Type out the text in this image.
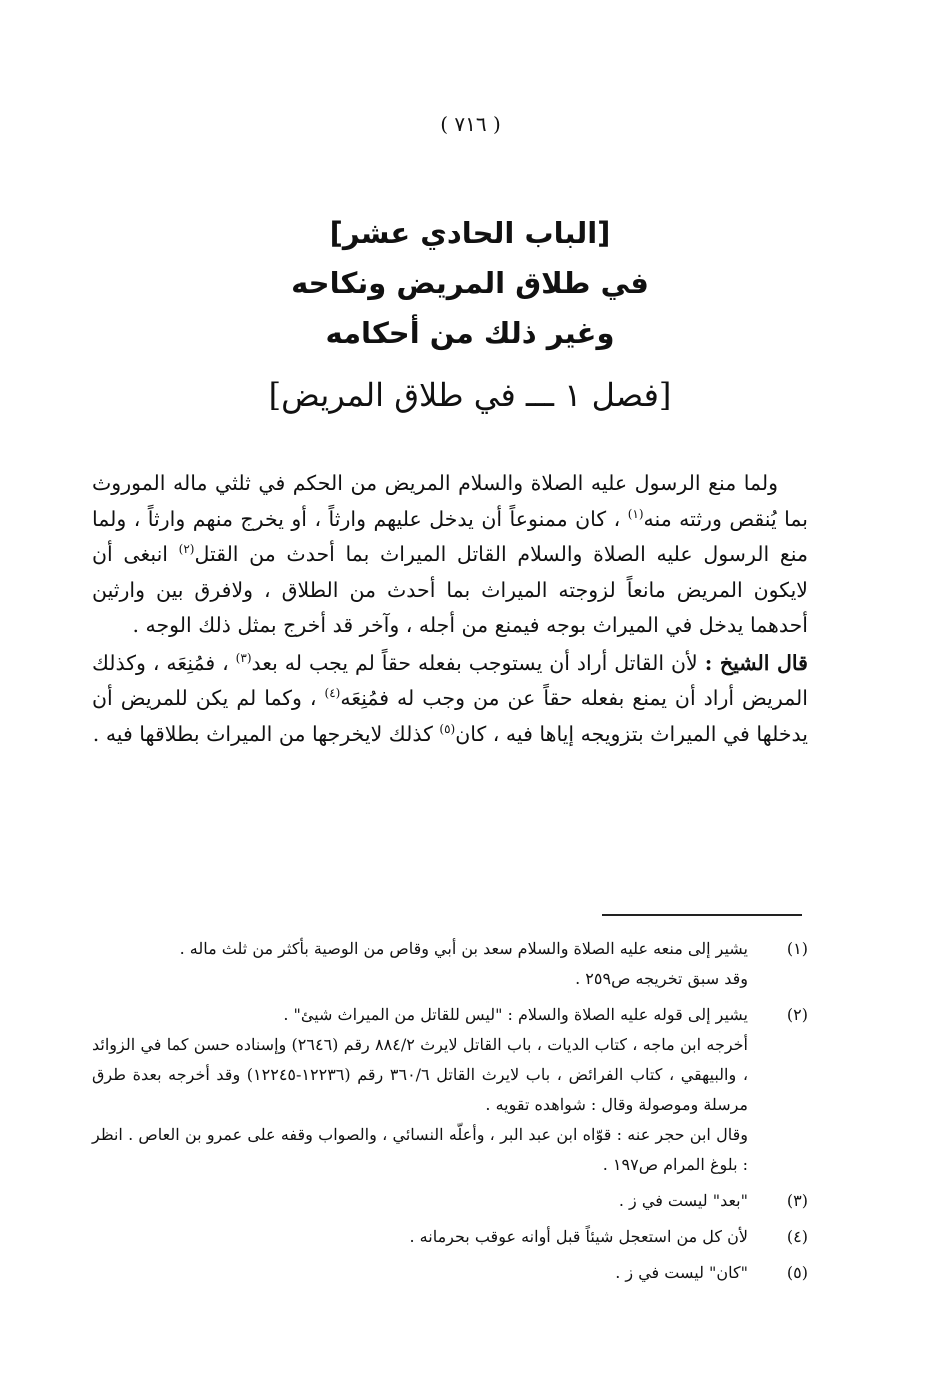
( ٧١٦ )
[الباب الحادي عشر]
في طلاق المريض ونكاحه
وغير ذلك من أحكامه
[فصل ١ ـــ في طلاق المريض]

ولما منع الرسول عليه الصلاة والسلام المريض من الحكم في ثلثي ماله الموروث بما يُنقص ورثته منه$^{(١)}$ ، كان ممنوعاً أن يدخل عليهم وارثاً ، أو يخرج منهم وارثاً ، ولما منع الرسول عليه الصلاة والسلام القاتل الميراث بما أحدث من القتل$^{(٢)}$ انبغى أن لايكون المريض مانعاً لزوجته الميراث بما أحدث من الطلاق ، ولافرق بين وارثين أحدهما يدخل في الميراث بوجه فيمنع من أجله ، وآخر قد أخرج بمثل ذلك الوجه .

قال الشيخ : لأن القاتل أراد أن يستوجب بفعله حقاً لم يجب له بعد$^{(٣)}$ ، فمُنِعَه ، وكذلك المريض أراد أن يمنع بفعله حقاً عن من وجب له فمُنِعَه$^{(٤)}$ ، وكما لم يكن للمريض أن يدخلها في الميراث بتزويجه إياها فيه ، كان$^{(٥)}$ كذلك لايخرجها من الميراث بطلاقها فيه .

(١)
يشير إلى منعه عليه الصلاة والسلام سعد بن أبي وقاص من الوصية بأكثر من ثلث ماله .
وقد سبق تخريجه ص٢٥٩ .
(٢)
يشير إلى قوله عليه الصلاة والسلام : "ليس للقاتل من الميراث شيئ" .
أخرجه ابن ماجه ، كتاب الديات ، باب القاتل لايرث ٨٨٤/٢ رقم (٢٦٤٦) وإسناده حسن كما في الزوائد ، والبيهقي ، كتاب الفرائض ، باب لايرث القاتل ٣٦٠/٦ رقم (١٢٢٣٦-١٢٢٤٥) وقد أخرجه بعدة طرق مرسلة وموصولة وقال : شواهده تقويه .
وقال ابن حجر عنه : قوّاه ابن عبد البر ، وأعلّه النسائي ، والصواب وقفه على عمرو بن العاص . انظر : بلوغ المرام ص١٩٧ .
(٣)
"بعد" ليست في ز .
(٤)
لأن كل من استعجل شيئاً قبل أوانه عوقب بحرمانه .
(٥)
"كان" ليست في ز .
